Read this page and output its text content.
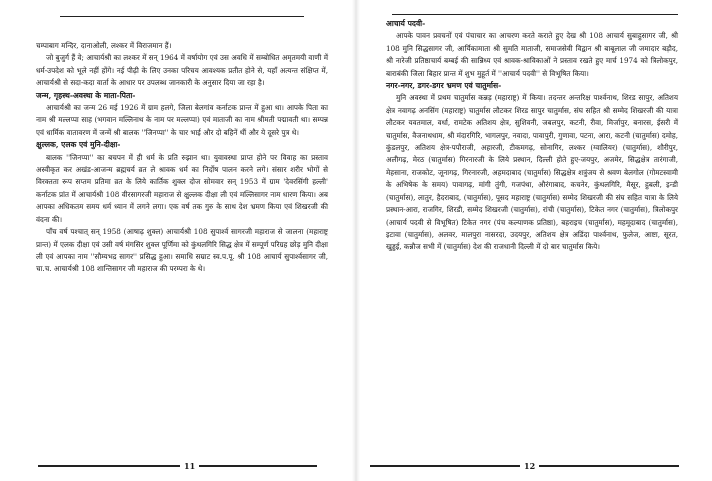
चम्पाबाग मन्दिर, दानाओली, लश्कर में विराजमान हैं।

जो बुजुर्ग हैं वे; आचार्यश्री का लश्कर में सन् 1964 में वर्षायोग एवं उस अवधि में सम्बोधित अमृतमयी वाणी में धर्म-उपदेश को भूले नहीं होंगे। नई पीढ़ी के लिए उनका परिचय आवश्यक प्रतीत होने से, यहाँ अत्यन्त संक्षिप्त में, आचार्यश्री से सदा-कदा वार्ता के आधार पर उपलब्ध जानकारी के अनुसार दिया जा रहा है।

जन्म, गृहस्थ-अवस्था के माता-पिता-

आचार्यश्री का जन्म 26 मई 1926 में ग्राम हलगे, जिला बेलगांव कर्नाटक प्रान्त में हुआ था। आपके पिता का नाम श्री मल्लप्पा साह (भगवान मल्लिनाथ के नाम पर मल्लप्पा) एवं माताजी का नाम श्रीमती पद्मावती था। सम्पन्न एवं धार्मिक वातावरण में जन्में श्री बालक ''जिनप्पा'' के चार भाई और दो बहिनें थीं और ये दूसरे पुत्र थे।

क्षुल्लक, एलक एवं मुनि-दीक्षा-

बालक ''जिनप्पा'' का बचपन में ही धर्म के प्रति रुझान था। युवावस्था प्राप्त होने पर विवाह का प्रस्ताव अस्वीकृत कर अखंड-आजन्म ब्रह्मचर्य व्रत ले श्रावक धर्म का निर्दोष पालन करने लगे। संसार शरीर भोगों से विरक्तता रूप सप्तम प्रतिमा व्रत के लिये कार्तिक शुक्ल दोज सोमवार सन् 1953 में ग्राम 'देवरसिंगी हल्ली' कर्नाटक प्रांत में आचार्यश्री 108 वीरसागरजी महाराज से क्षुल्लक दीक्षा ली एवं मल्लिसागर नाम धारण किया। अब आपका अधिकतम समय धर्म ध्यान में लगने लगा। एक वर्ष तक गुरु के साथ देश भ्रमण किया एवं शिखरजी की वंदना की।

पाँच वर्ष पश्चात् सन् 1958 (आषाढ़ शुक्ल) आचार्यश्री 108 सुपार्श्व सागरजी महाराज से जालना (महाराष्ट्र प्रान्त) में एलक दीक्षा एवं उसी वर्ष मंगसिर शुक्ल पूर्णिमा को कुंथलगिरि सिद्ध क्षेत्र में सम्पूर्ण परिग्रह छोड़ मुनि दीक्षा ली एवं आपका नाम ''सौम्यभद्र सागर'' प्रसिद्ध हुआ। समाधि सम्राट स्व.प.पू. श्री 108 आचार्य सुपार्श्वसागर जी, चा.च. आचार्यश्री 108 शान्तिसागर जी महाराज की परम्परा के थे।

11
आचार्य पदवी-

आपके पावन प्रवचनों एवं पंचाचार का आचरण करते कराते हुए देख श्री 108 आचार्य सुबाहुसागर जी, श्री 108 मुनि सिद्धसागर जी, आर्यिकामाता श्री सुमति माताजी, समाजसेवी विद्वान श्री बाबूलाल जी जमादार बड़ौद, श्री नारेजी प्रतिष्ठाचार्य बम्बई की सान्निध्य एवं श्रावक-श्राविकाओं ने प्रस्ताव रखते हुए मार्च 1974 को त्रिलोकपुर, बाराबंकी जिला बिहार प्रान्त में शुभ मुहूर्त में ''आचार्य पदवी'' से विभूषित किया।

नगर-नगर, डगर-डगर भ्रमण एवं चातुर्मास-

मुनि अवस्था में प्रथम चातुर्मास कन्नड़ (महाराष्ट्र) में किया। तदन्तर अन्तरिक्ष पार्श्वनाथ, शिरड सापुर, अतिशय क्षेत्र नवागढ़ अनसिंग (महाराष्ट्र) चातुर्मास लौटकर शिरड सापुर चातुर्मास, संघ सहित श्री सम्मेद शिखरजी की यात्रा लौटकर यवतमाल, वर्धा, रामटेक अतिशय क्षेत्र, सुशिवनी, जबलपुर, कटनी, रीवा, मिर्जापुर, बनारस, ईसरी में चातुर्मास, वैजनाथधाम, श्री मंदारगिरि, भागलपुर, नवादा, पावापुरी, गुणावा, पटना, आरा, कटनी (चातुर्मास) दमोह, कुंडलपुर, अतिशय क्षेत्र-पपौराजी, अहारजी, टीकमगढ़, सोनागिर, लश्कर (ग्वालियर) (चातुर्मास), शौरीपुर, अलीगढ़, मेरठ (चातुर्मास) गिरनारजी के लिये प्रस्थान, दिल्ली होते हुए-जयपुर, अजमेर, सिद्धक्षेत्र तारंगाजी, मेहसाना, राजकोट, जूनागढ़, गिरनारजी, अहमदाबाद (चातुर्मास) सिद्धक्षेत्र शत्रुंजय से श्रवण बेलगोल (गोमटस्वामी के अभिषेक के समय) पावागढ़, मांगी तुंगी, गजपंथा, औरंगाबाद, कचनेर, कुंथलगिरि, मैसूर, हुबली, इन्डी (चातुर्मास), लातुर, हैदराबाद, (चातुर्मास), पूसद महाराष्ट्र (चातुर्मास) सम्मेद शिखरजी की संघ सहित यात्रा के लिये प्रस्थान-आरा, राजगिर, शिरडी, सम्मेद शिखरजी (चातुर्मास), रांची (चातुर्मास), टिकेत नगर (चातुर्मास), त्रिलोकपुर (आचार्य पदवी से विभूषित) टिकेत नगर (पंच कल्याणक प्रतिष्ठा), बहराइच (चातुर्मास), महमूदाबाद (चातुर्मास), इटावा (चातुर्मास), अलवर, मालपुरा नासरदा, उदयपुर, अतिशय क्षेत्र अडिंदा पार्श्वनाथ, फुलेज, आष्टा, सूरत, खुड्डई, कन्नौज सभी में (चातुर्मास) देश की राजधानी दिल्ली में दो बार चातुर्मास किये।

12
